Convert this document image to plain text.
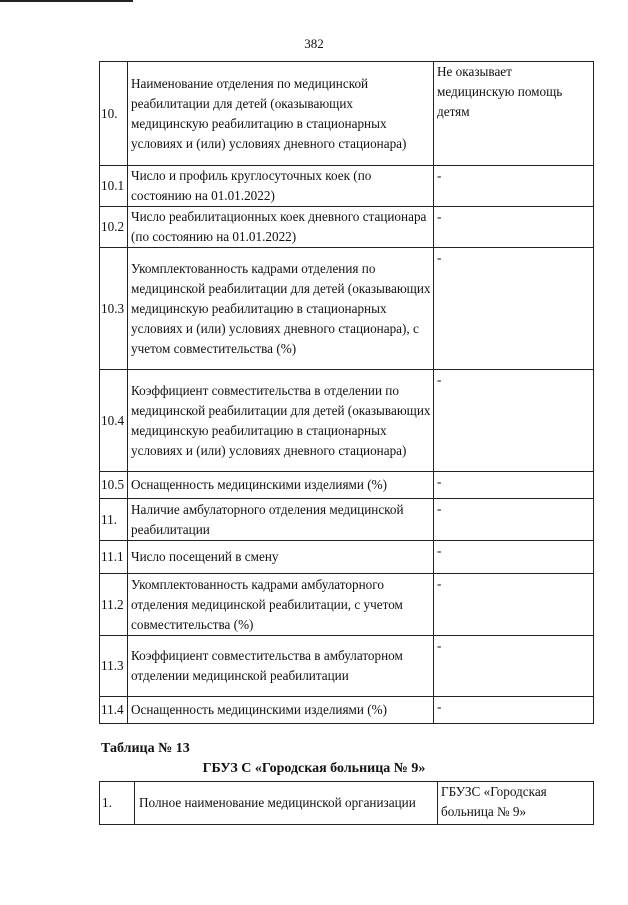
382
10.	Наименование отделения по медицинской реабилитации для детей (оказывающих медицинскую реабилитацию в стационарных условиях и (или) условиях дневного стационара)	Не оказывает медицинскую помощь детям
10.1	Число и профиль круглосуточных коек (по состоянию на 01.01.2022)	-
10.2	Число реабилитационных коек дневного стационара (по состоянию на 01.01.2022)	-
10.3	Укомплектованность кадрами отделения по медицинской реабилитации для детей (оказывающих медицинскую реабилитацию в стационарных условиях и (или) условиях дневного стационара), с учетом совместительства (%)	-
10.4	Коэффициент совместительства в отделении по медицинской реабилитации для детей (оказывающих медицинскую реабилитацию в стационарных условиях и (или) условиях дневного стационара)	-
10.5	Оснащенность медицинскими изделиями (%)	-
11.	Наличие амбулаторного отделения медицинской реабилитации	-
11.1	Число посещений в смену	-
11.2	Укомплектованность кадрами амбулаторного отделения медицинской реабилитации, с учетом совместительства (%)	-
11.3	Коэффициент совместительства в амбулаторном отделении медицинской реабилитации	-
11.4	Оснащенность медицинскими изделиями (%)	-
Таблица № 13
ГБУЗ С «Городская больница № 9»
1.	Полное наименование медицинской организации	ГБУЗС «Городская больница № 9»
